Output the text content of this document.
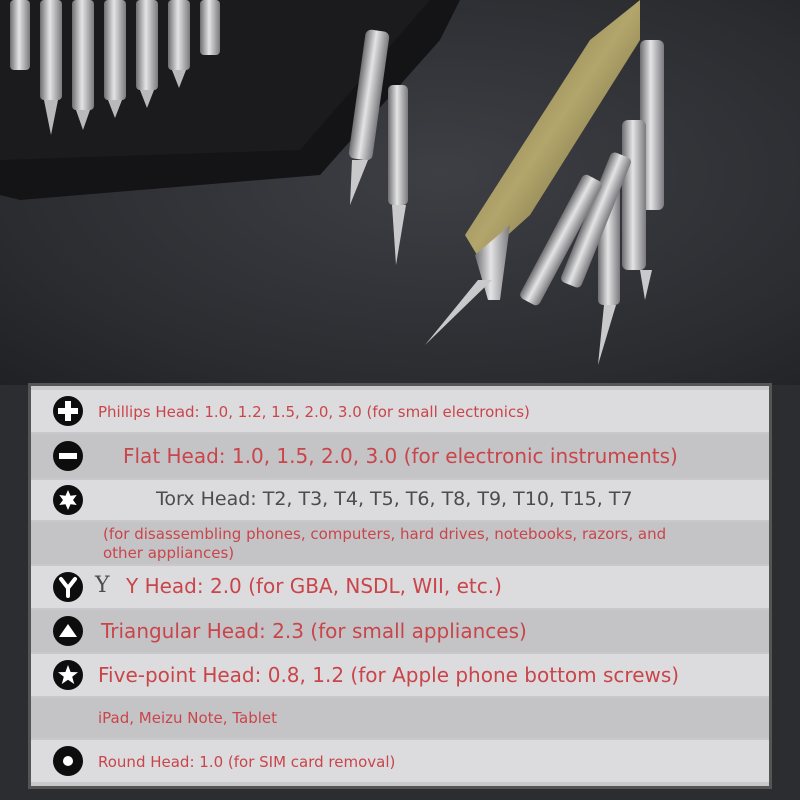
Phillips Head: 1.0, 1.2, 1.5, 2.0, 3.0 (for small electronics)
Flat Head: 1.0, 1.5, 2.0, 3.0 (for electronic instruments)
Torx Head: T2, T3, T4, T5, T6, T8, T9, T10, T15, T7
(for disassembling phones, computers, hard drives, notebooks, razors, and
other appliances)
Y Y Head: 2.0 (for GBA, NSDL, WII, etc.)
Triangular Head: 2.3 (for small appliances)
Five-point Head: 0.8, 1.2 (for Apple phone bottom screws)
iPad, Meizu Note, Tablet
Round Head: 1.0 (for SIM card removal)
